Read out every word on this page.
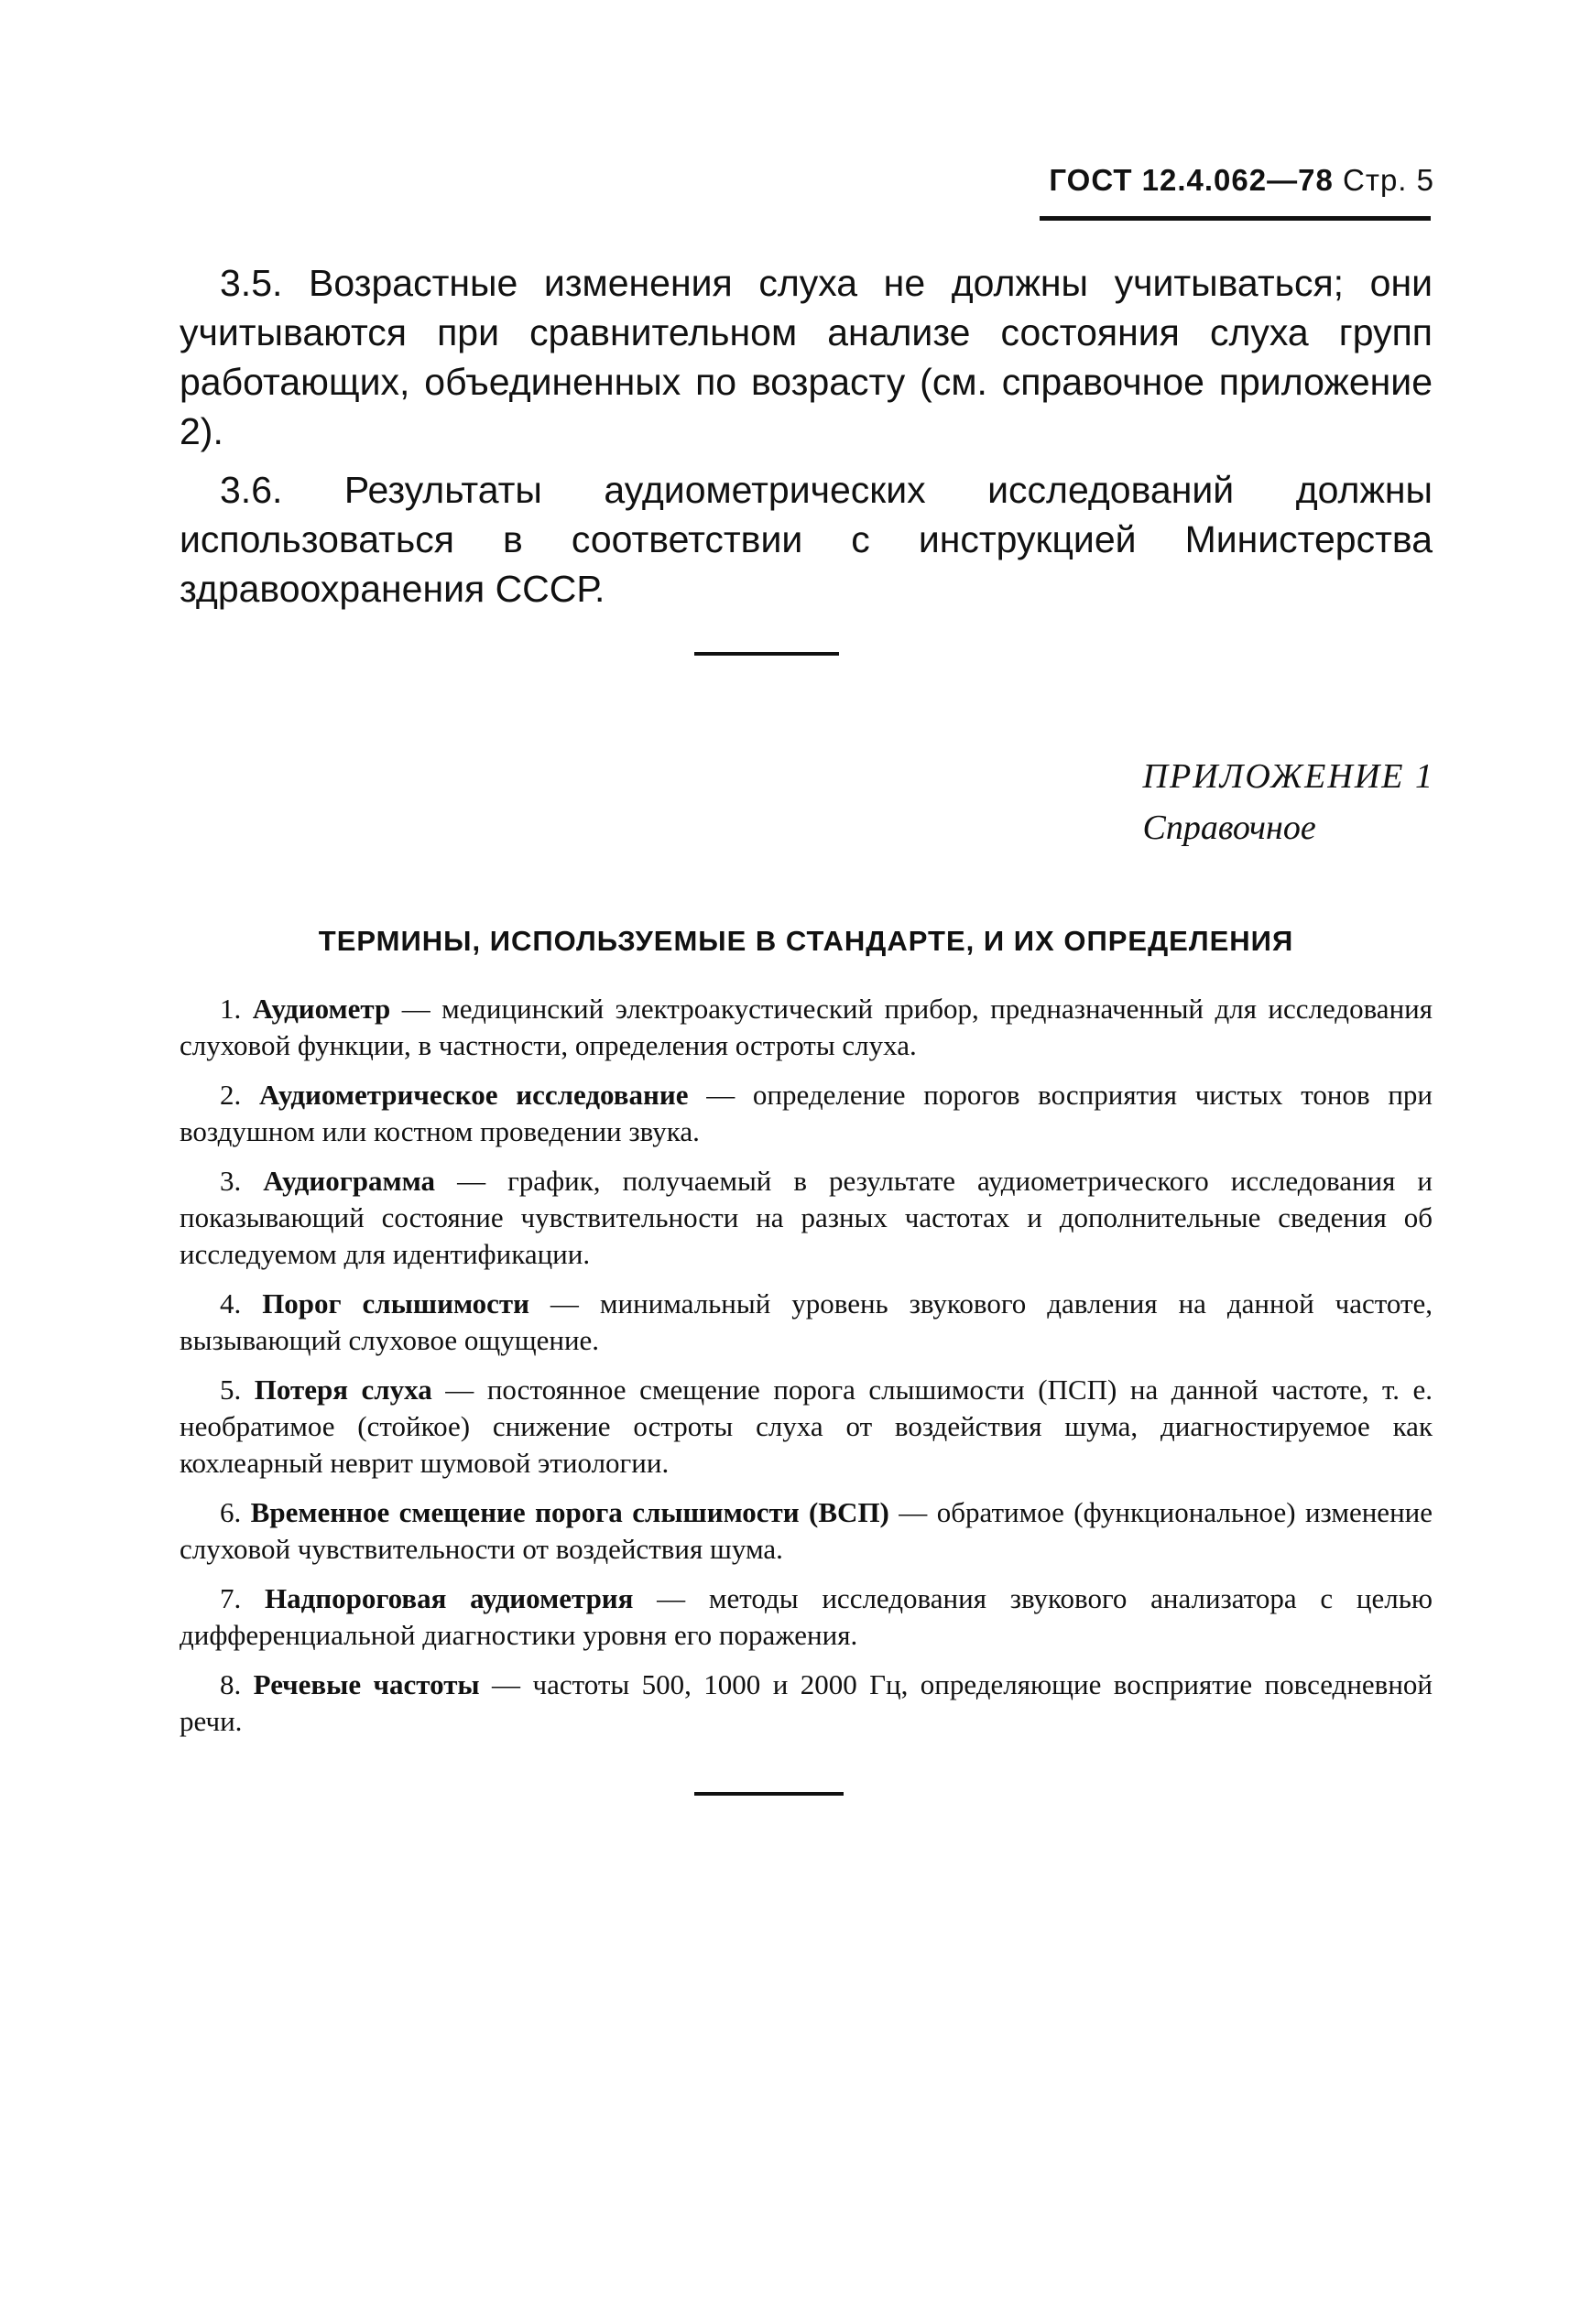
ГОСТ 12.4.062—78 Стр. 5

3.5. Возрастные изменения слуха не должны учитываться; они учитываются при сравнительном анализе состояния слуха групп работающих, объединенных по возрасту (см. справочное приложение 2).

3.6. Результаты аудиометрических исследований должны использоваться в соответствии с инструкцией Министерства здравоохранения СССР.

ПРИЛОЖЕНИЕ 1
Справочное
ТЕРМИНЫ, ИСПОЛЬЗУЕМЫЕ В СТАНДАРТЕ, И ИХ ОПРЕДЕЛЕНИЯ

1. Аудиометр — медицинский электроакустический прибор, предназначенный для исследования слуховой функции, в частности, определения остроты слуха.

2. Аудиометрическое исследование — определение порогов восприятия чистых тонов при воздушном или костном проведении звука.

3. Аудиограмма — график, получаемый в результате аудиометрического исследования и показывающий состояние чувствительности на разных частотах и дополнительные сведения об исследуемом для идентификации.

4. Порог слышимости — минимальный уровень звукового давления на данной частоте, вызывающий слуховое ощущение.

5. Потеря слуха — постоянное смещение порога слышимости (ПСП) на данной частоте, т. е. необратимое (стойкое) снижение остроты слуха от воздействия шума, диагностируемое как кохлеарный неврит шумовой этиологии.

6. Временное смещение порога слышимости (ВСП) — обратимое (функциональное) изменение слуховой чувствительности от воздействия шума.

7. Надпороговая аудиометрия — методы исследования звукового анализатора с целью дифференциальной диагностики уровня его поражения.

8. Речевые частоты — частоты 500, 1000 и 2000 Гц, определяющие восприятие повседневной речи.
